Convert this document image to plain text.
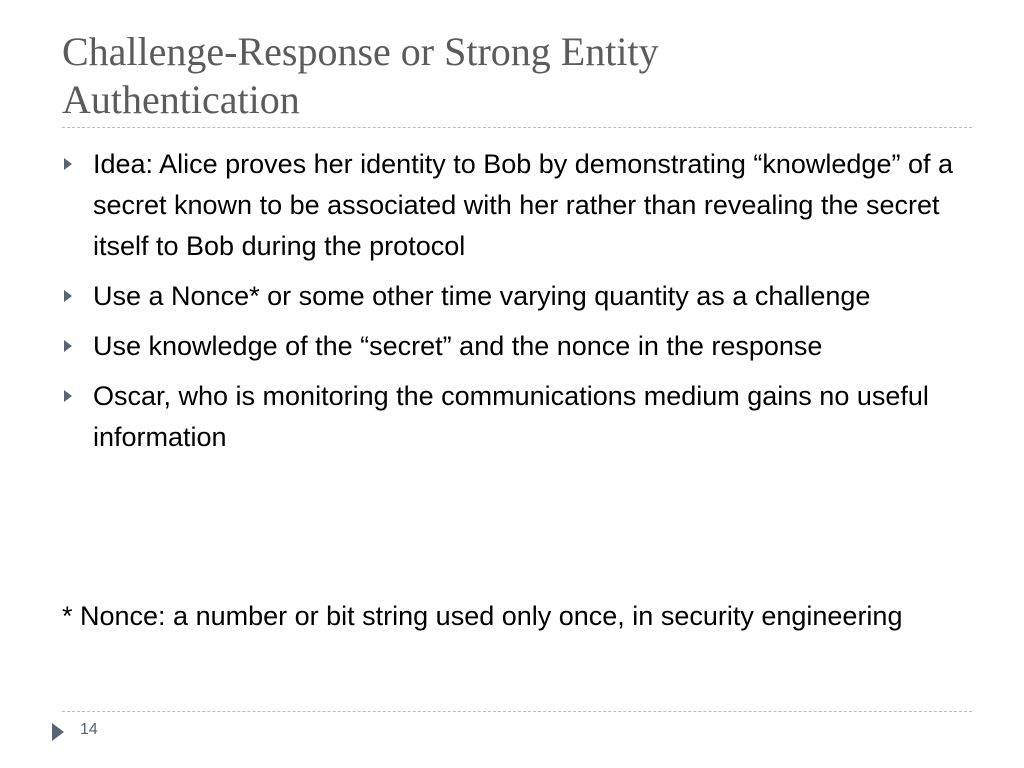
Challenge-Response or Strong Entity
Authentication
Idea: Alice proves her identity to Bob by demonstrating “knowledge” of a secret known to be associated with her rather than revealing the secret itself to Bob during the protocol
Use a Nonce* or some other time varying quantity as a challenge
Use knowledge of the “secret” and the nonce in the response
Oscar, who is monitoring the communications medium gains no useful information

* Nonce: a number or bit string used only once, in security engineering

14
